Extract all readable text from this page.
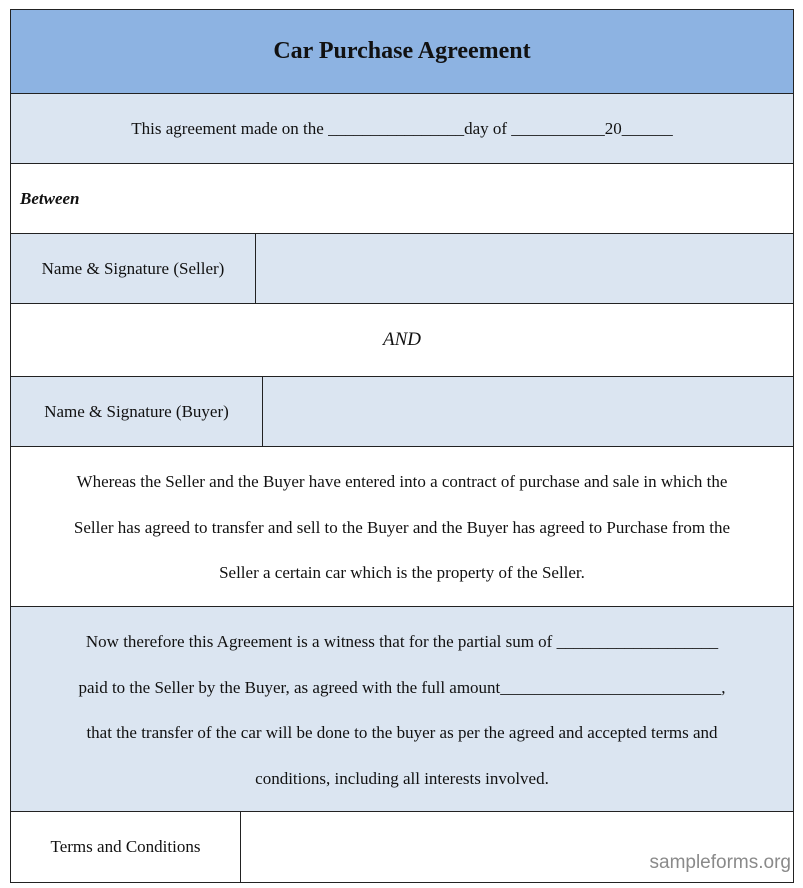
Car Purchase Agreement
This agreement made on the ________________day of ___________20______
Between
Name & Signature (Seller)
AND
Name & Signature (Buyer)
Whereas the Seller and the Buyer have entered into a contract of purchase and sale in which the
Seller has agreed to transfer and sell to the Buyer and the Buyer has agreed to Purchase from the
Seller a certain car which is the property of the Seller.
Now therefore this Agreement is a witness that for the partial sum of ___________________
paid to the Seller by the Buyer, as agreed with the full amount__________________________,
that the transfer of the car will be done to the buyer as per the agreed and accepted terms and
conditions, including all interests involved.
Terms and Conditions
sampleforms.org
